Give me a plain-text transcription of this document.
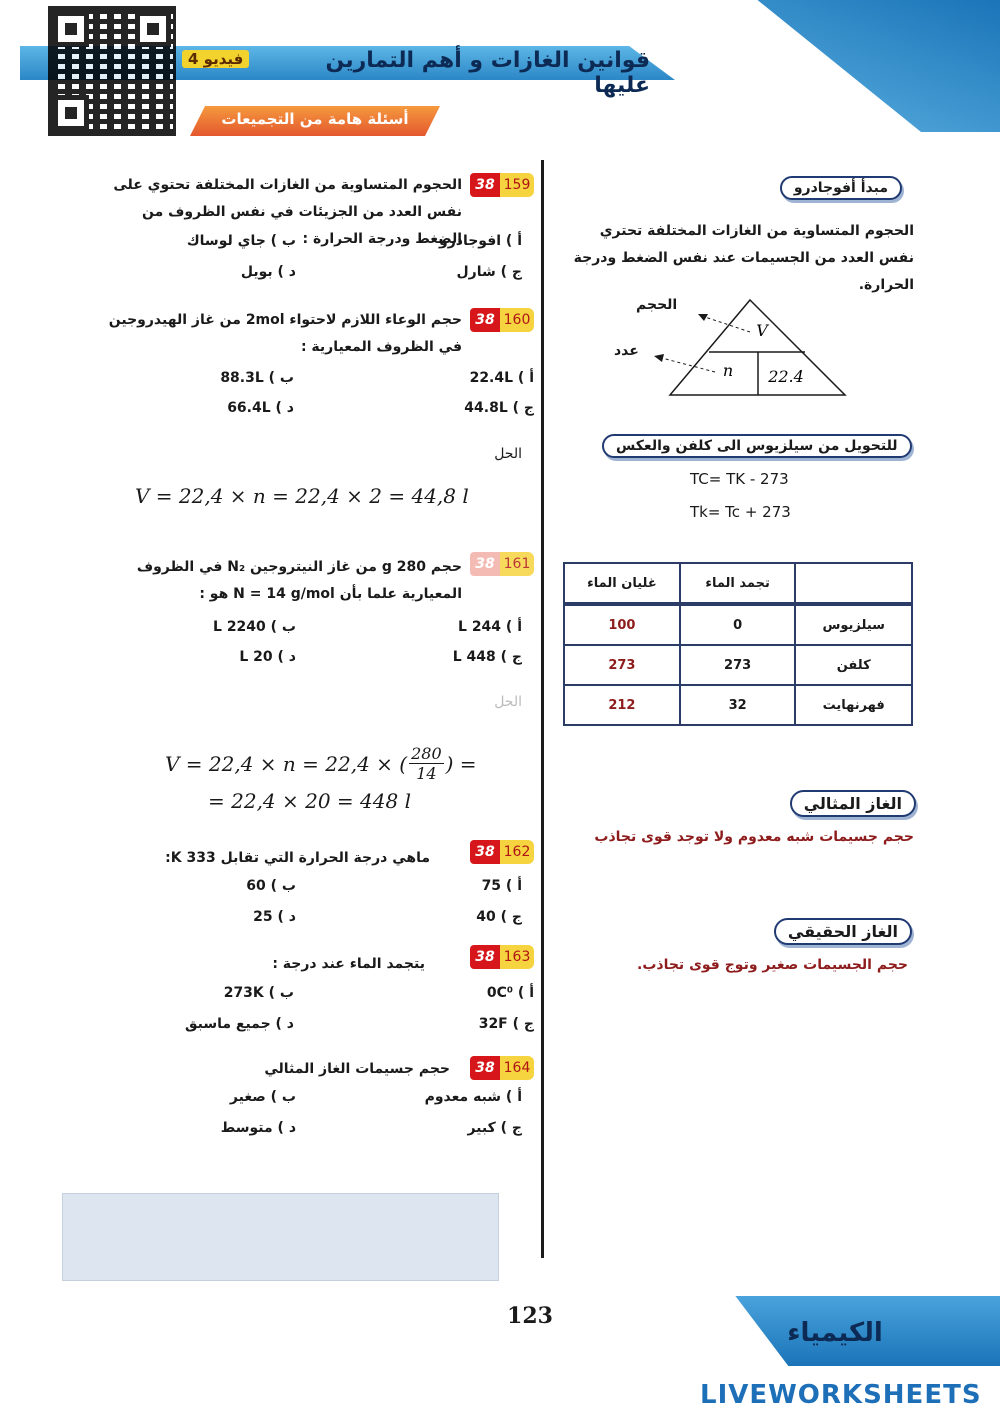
قوانين الغازات و أهم التمارين عليها
فيديو 4
أسئلة هامة من التجميعات
38 159
الحجوم المتساوية من الغازات المختلفة تحتوي على نفس العدد من الجزيئات في نفس الظروف من الضغط ودرجة الحرارة :
أ ) افوجادرو
ب ) جاي لوساك
ج ) شارل
د ) بويل
38 160
حجم الوعاء اللازم لاحتواء 2mol من غاز الهيدروجين في الظروف المعيارية :
أ ) 22.4L
ب ) 88.3L
ج ) 44.8L
د ) 66.4L
الحل
V = 22,4 × n = 22,4 × 2 = 44,8 l
38 161
حجم 280 g من غاز النيتروجين N₂ في الظروف المعيارية علما بأن N = 14 g/mol هو :
أ ) 244 L
ب ) 2240 L
ج ) 448 L
د ) 20 L
الحل
V = 22,4 × n = 22,4 × ( $\frac{280}{14}$ ) =
= 22,4 × 20 = 448 l
38 162
ماهي درجة الحرارة التي تقابل 333 K:
أ ) 75
ب ) 60
ج ) 40
د ) 25
38 163
يتجمد الماء عند درجة :
أ ) 0C⁰
ب ) 273K
ج ) 32F
د ) جميع ماسبق
38 164
حجم جسيمات الغاز المثالي
أ ) شبه معدوم
ب ) صغير
ج ) كبير
د ) متوسط
مبدأ أفوجادرو
الحجوم المتساوية من الغازات المختلفة تحتري نفس العدد من الجسيمات عند نفس الضغط ودرجة الحرارة.
V
n 22.4
الحجم
عدد
للتحويل من سيلزيوس الى كلفن والعكس
TC= TK - 273
Tk= Tc + 273
غليان الماء	تجمد الماء	
100	0	سيلزيوس
273	273	كلفن
212	32	فهرنهايت
الغاز المثالي
حجم جسيمات شبه معدوم ولا توجد قوى تجاذب
الغاز الحقيقي
حجم الجسيمات صغير وتوج قوى تجاذب.
123
الكيمياء
LIVEWORKSHEETS
